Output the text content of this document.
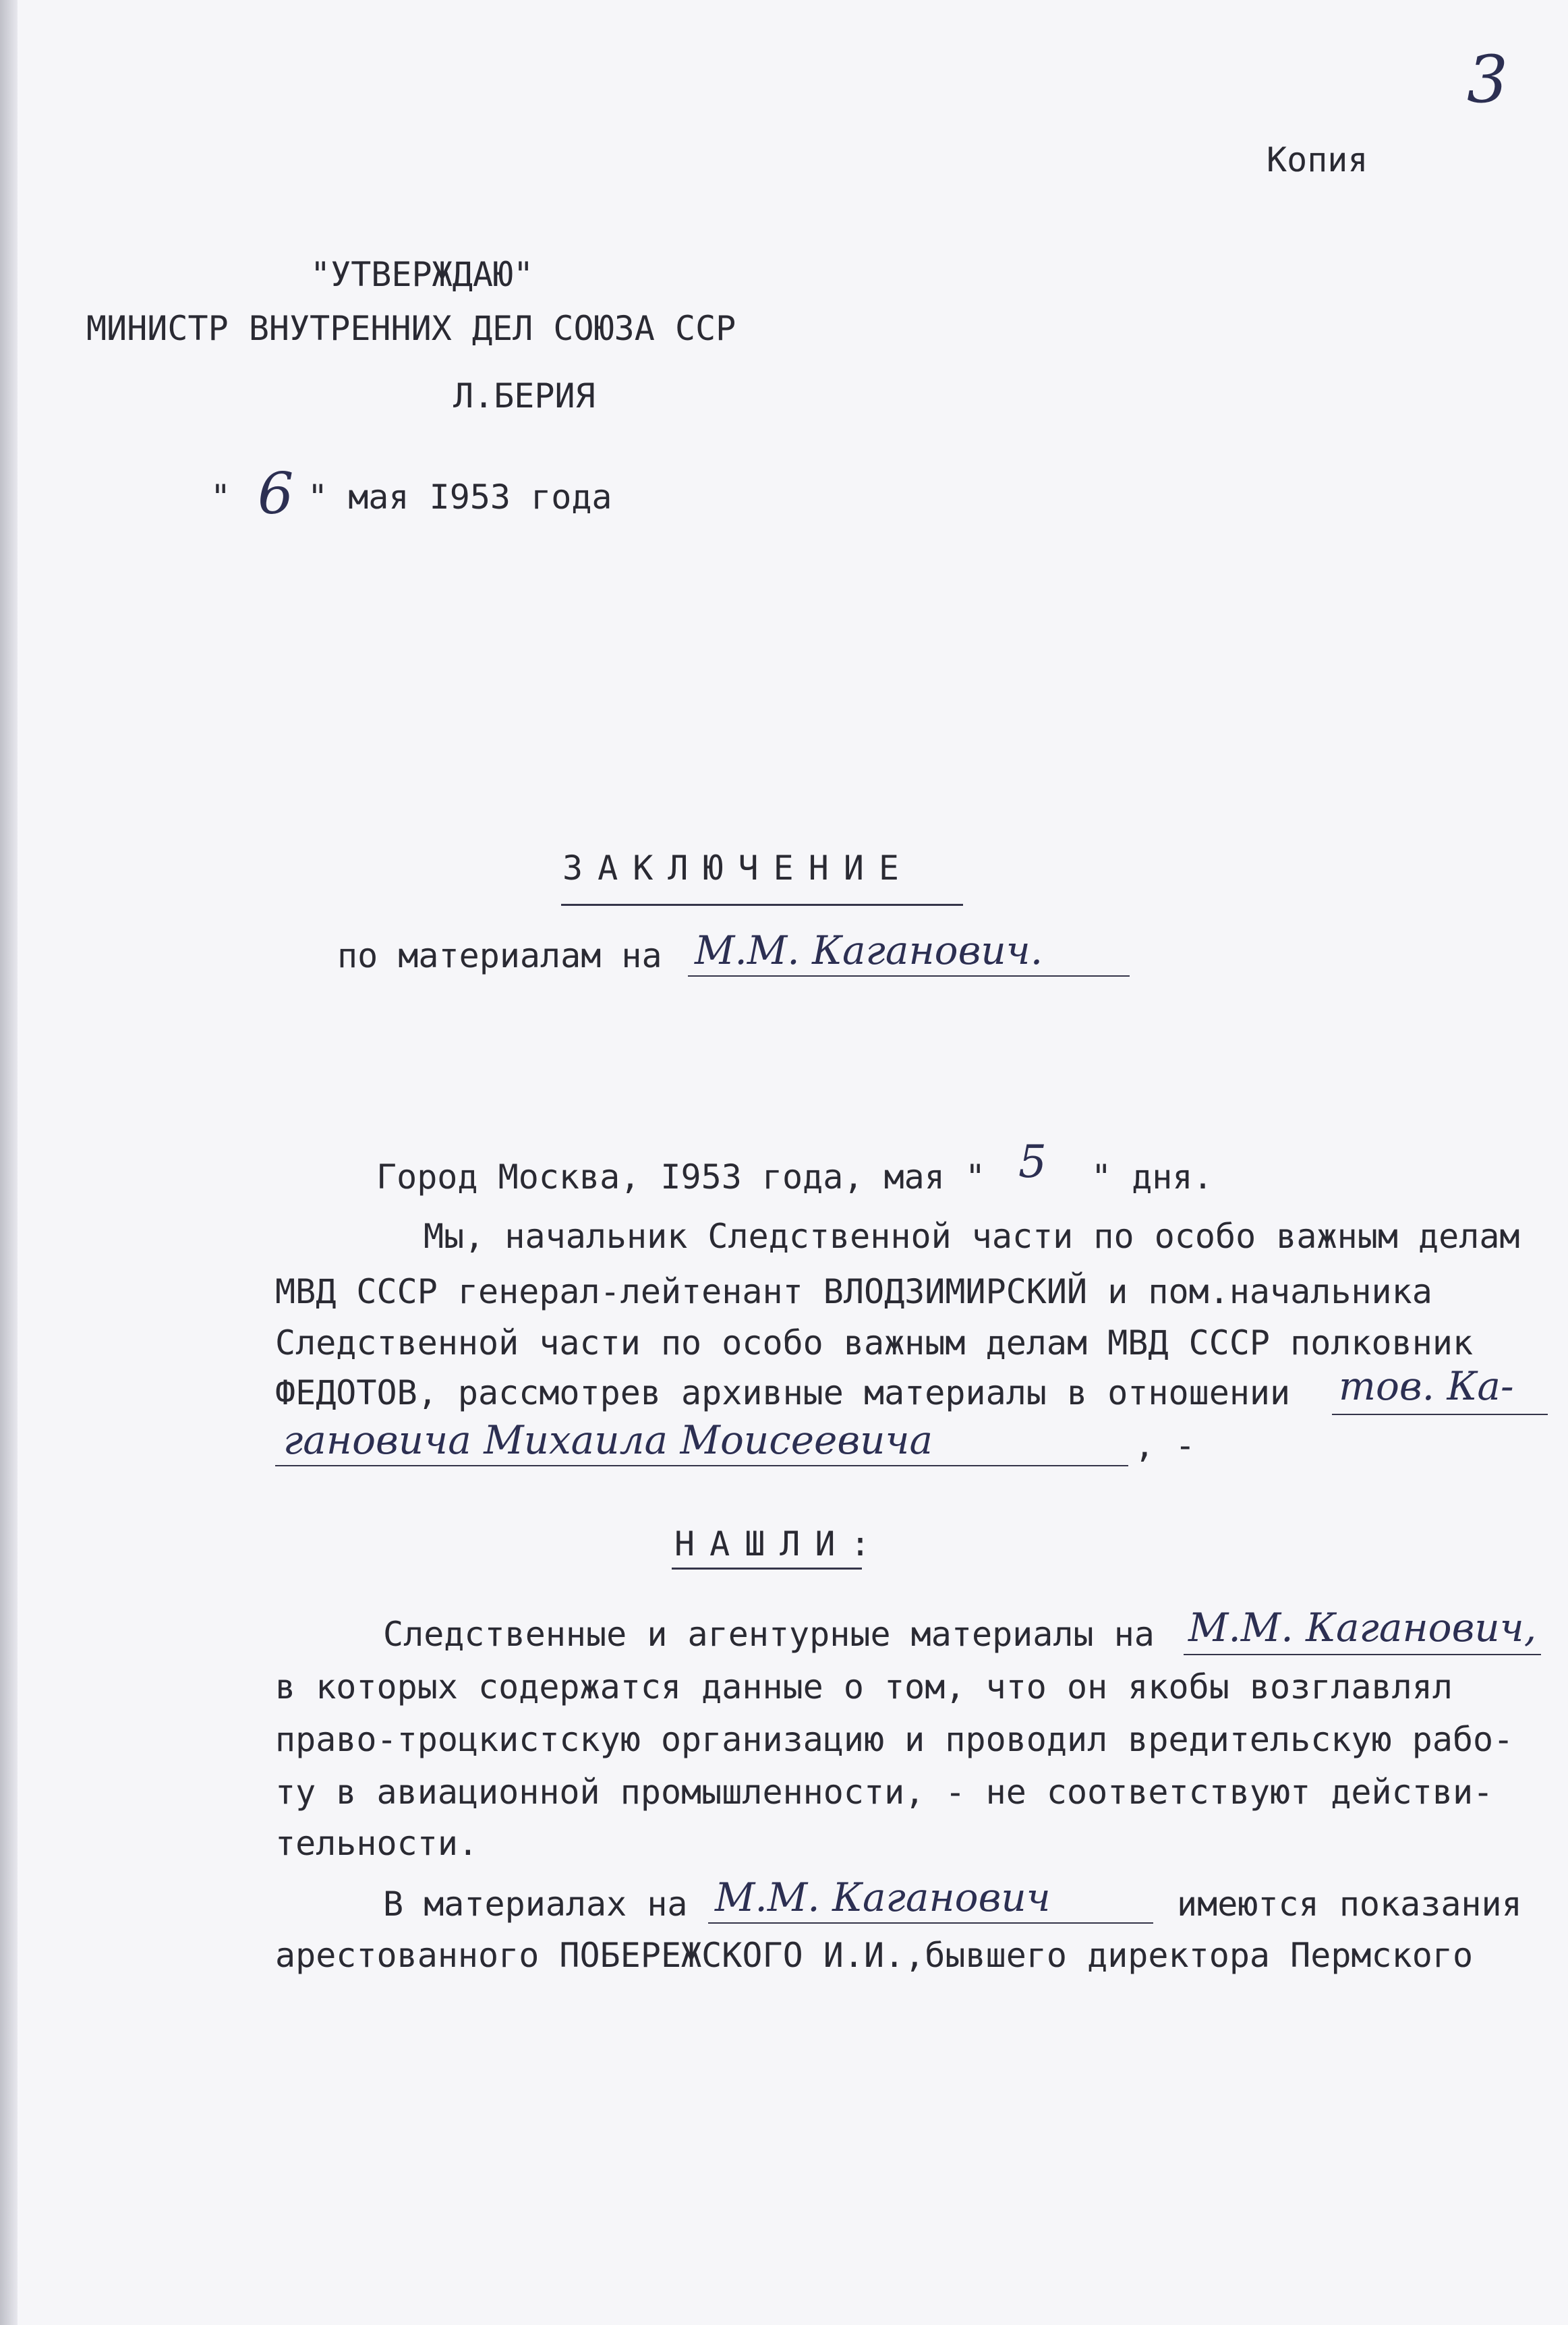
3
Копия
"УТВЕРЖДАЮ"
МИНИСТР ВНУТРЕННИХ ДЕЛ СОЮЗА ССР
Л.БЕРИЯ
" 6 " мая I953 года
ЗАКЛЮЧЕНИЕ
по материалам на М.М. Каганович.
Город Москва, I953 года, мая " 5 " дня.
Мы, начальник Следственной части по особо важным делам
МВД СССР генерал-лейтенант ВЛОДЗИМИРСКИЙ и пом.начальника
Следственной части по особо важным делам МВД СССР полковник
ФЕДОТОВ, рассмотрев архивные материалы в отношении тов. Ка-
гановича Михаила Моисеевича	, -
НАШЛИ:
Следственные и агентурные материалы на М.М. Каганович,
в которых содержатся данные о том, что он якобы возглавлял
право-троцкистскую организацию и проводил вредительскую рабо-
ту в авиационной промышленности, - не соответствуют действи-
тельности.
В материалах на М.М. Каганович	имеются показания
арестованного ПОБЕРЕЖСКОГО И.И.,бывшего директора Пермского
